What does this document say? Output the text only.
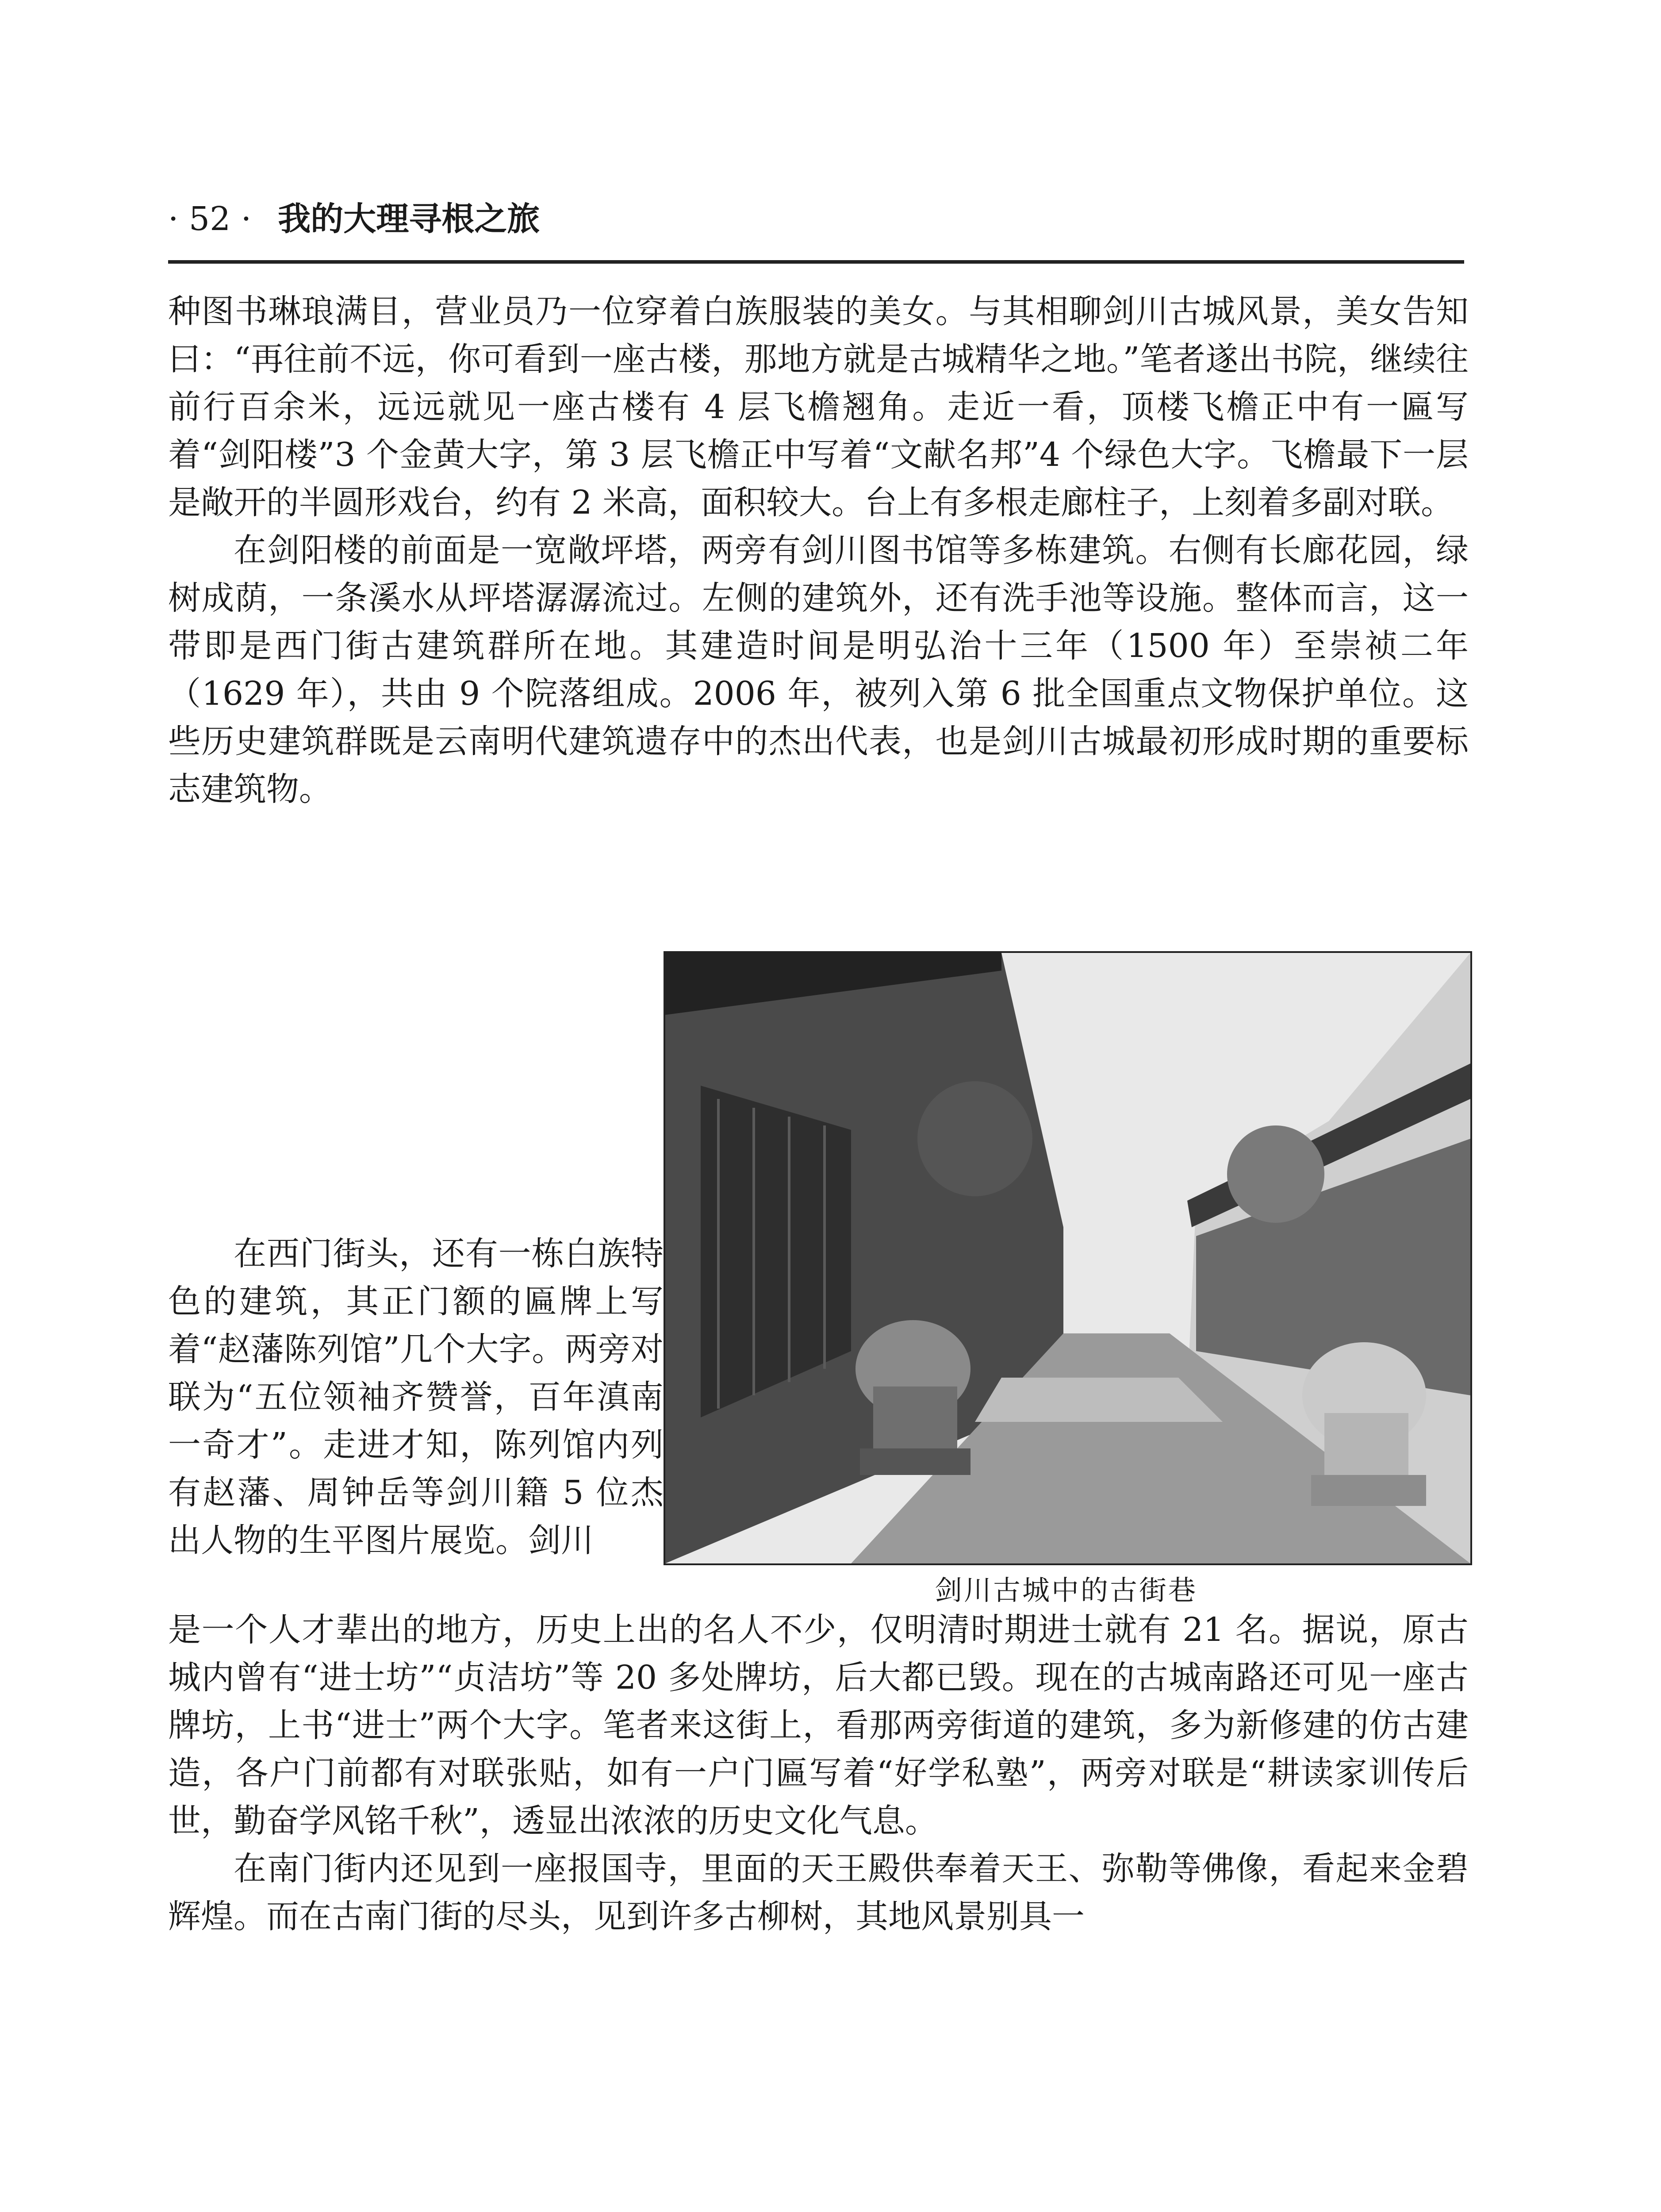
· 52 · 我的大理寻根之旅

种图书琳琅满目，营业员乃一位穿着白族服装的美女。与其相聊剑川古城风景，美女告知曰：“再往前不远，你可看到一座古楼，那地方就是古城精华之地。”笔者遂出书院，继续往前行百余米，远远就见一座古楼有 4 层飞檐翘角。走近一看，顶楼飞檐正中有一匾写着“剑阳楼”3 个金黄大字，第 3 层飞檐正中写着“文献名邦”4 个绿色大字。飞檐最下一层是敞开的半圆形戏台，约有 2 米高，面积较大。台上有多根走廊柱子，上刻着多副对联。

在剑阳楼的前面是一宽敞坪塔，两旁有剑川图书馆等多栋建筑。右侧有长廊花园，绿树成荫，一条溪水从坪塔潺潺流过。左侧的建筑外，还有洗手池等设施。整体而言，这一带即是西门街古建筑群所在地。其建造时间是明弘治十三年（1500 年）至崇祯二年（1629 年），共由 9 个院落组成。2006 年，被列入第 6 批全国重点文物保护单位。这些历史建筑群既是云南明代建筑遗存中的杰出代表，也是剑川古城最初形成时期的重要标志建筑物。

在西门街头，还有一栋白族特色的建筑，其正门额的匾牌上写着“赵藩陈列馆”几个大字。两旁对联为“五位领袖齐赞誉，百年滇南一奇才”。走进才知，陈列馆内列有赵藩、周钟岳等剑川籍 5 位杰出人物的生平图片展览。剑川

剑川古城中的古街巷

是一个人才辈出的地方，历史上出的名人不少，仅明清时期进士就有 21 名。据说，原古城内曾有“进士坊”“贞洁坊”等 20 多处牌坊，后大都已毁。现在的古城南路还可见一座古牌坊，上书“进士”两个大字。笔者来这街上，看那两旁街道的建筑，多为新修建的仿古建造，各户门前都有对联张贴，如有一户门匾写着“好学私塾”，两旁对联是“耕读家训传后世，勤奋学风铭千秋”，透显出浓浓的历史文化气息。

在南门街内还见到一座报国寺，里面的天王殿供奉着天王、弥勒等佛像，看起来金碧辉煌。而在古南门街的尽头，见到许多古柳树，其地风景别具一
